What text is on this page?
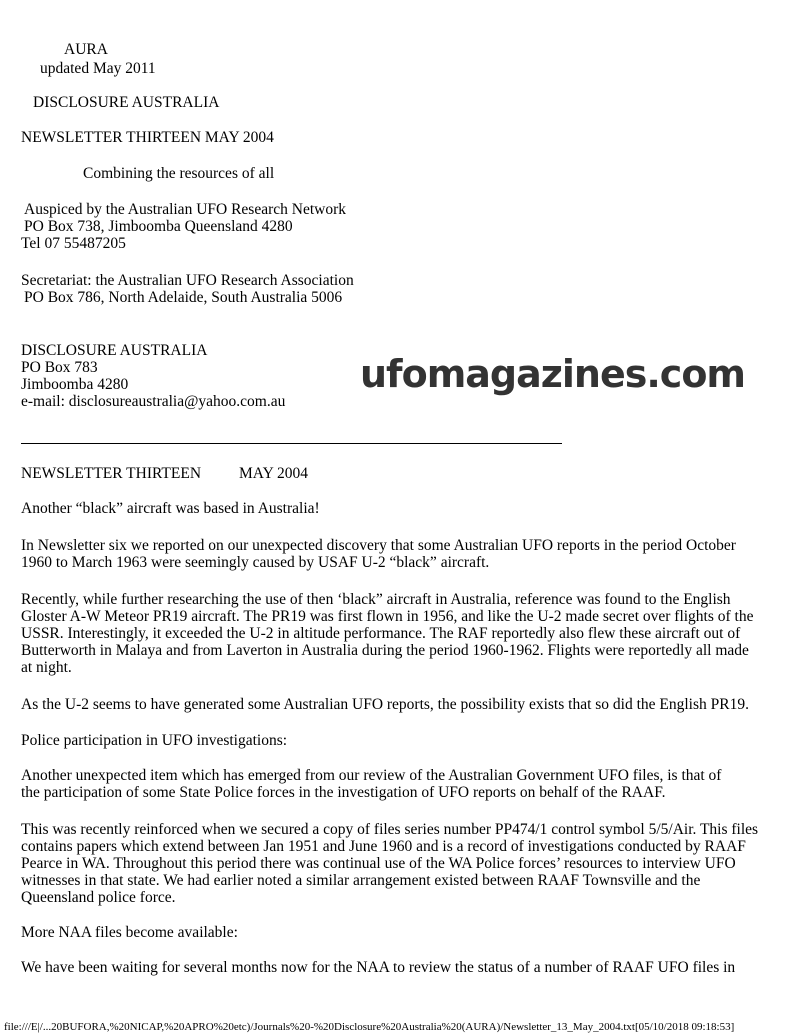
AURA
updated May 2011
DISCLOSURE AUSTRALIA
NEWSLETTER THIRTEEN MAY 2004
Combining the resources of all
Auspiced by the Australian UFO Research Network
PO Box 738, Jimboomba Queensland 4280
Tel 07 55487205
Secretariat: the Australian UFO Research Association
PO Box 786, North Adelaide, South Australia 5006
DISCLOSURE AUSTRALIA
PO Box 783
Jimboomba 4280
e-mail: disclosureaustralia@yahoo.com.au
ufomagazines.com
NEWSLETTER THIRTEEN MAY 2004
Another “black” aircraft was based in Australia!
In Newsletter six we reported on our unexpected discovery that some Australian UFO reports in the period October
1960 to March 1963 were seemingly caused by USAF U-2 “black” aircraft.
Recently, while further researching the use of then ‘black” aircraft in Australia, reference was found to the English
Gloster A-W Meteor PR19 aircraft. The PR19 was first flown in 1956, and like the U-2 made secret over flights of the
USSR. Interestingly, it exceeded the U-2 in altitude performance. The RAF reportedly also flew these aircraft out of
Butterworth in Malaya and from Laverton in Australia during the period 1960-1962. Flights were reportedly all made
at night.
As the U-2 seems to have generated some Australian UFO reports, the possibility exists that so did the English PR19.
Police participation in UFO investigations:
Another unexpected item which has emerged from our review of the Australian Government UFO files, is that of
the participation of some State Police forces in the investigation of UFO reports on behalf of the RAAF.
This was recently reinforced when we secured a copy of files series number PP474/1 control symbol 5/5/Air. This files
contains papers which extend between Jan 1951 and June 1960 and is a record of investigations conducted by RAAF
Pearce in WA. Throughout this period there was continual use of the WA Police forces’ resources to interview UFO
witnesses in that state. We had earlier noted a similar arrangement existed between RAAF Townsville and the
Queensland police force.
More NAA files become available:
We have been waiting for several months now for the NAA to review the status of a number of RAAF UFO files in
file:///E|/...20BUFORA,%20NICAP,%20APRO%20etc)/Journals%20-%20Disclosure%20Australia%20(AURA)/Newsletter_13_May_2004.txt[05/10/2018 09:18:53]
